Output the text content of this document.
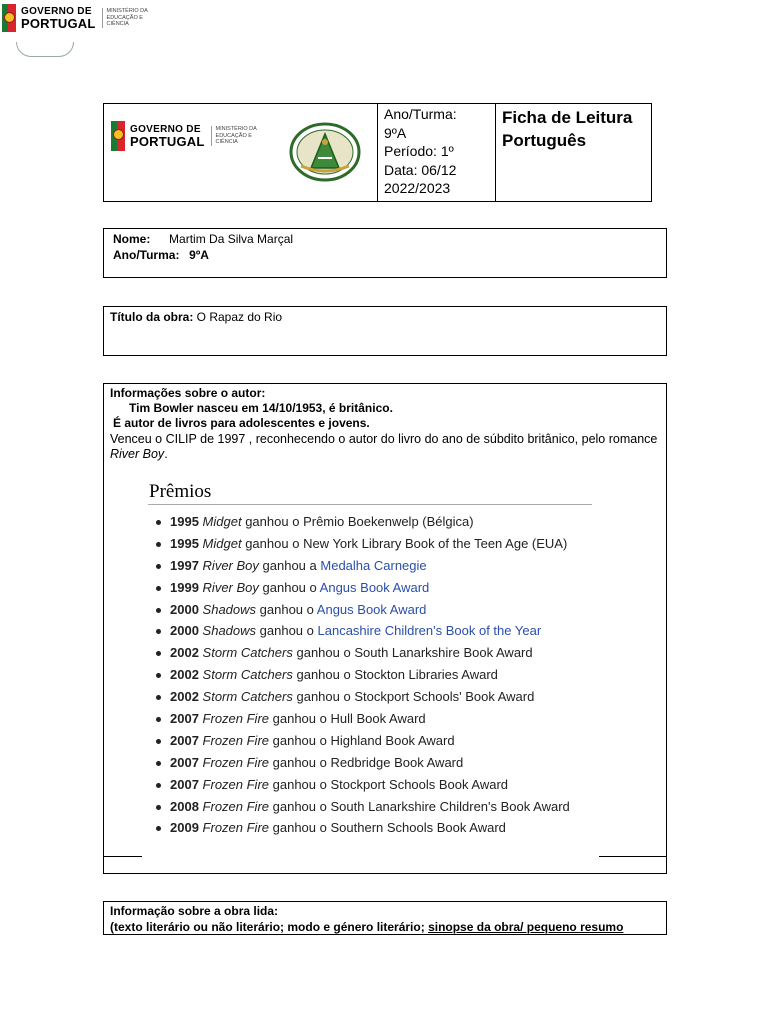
GOVERNO DE
PORTUGAL
MINISTÉRIO DA EDUCAÇÃO E CIÊNCIA
GOVERNO DE
PORTUGAL
MINISTÉRIO DA EDUCAÇÃO E CIÊNCIA
Ano/Turma:
9ºA
Período: 1º
Data: 06/12
2022/2023
Ficha de Leitura
Português
Nome: Martim Da Silva Marçal
Ano/Turma: 9ºA
Título da obra: O Rapaz do Rio
Informações sobre o autor:
Tim Bowler nasceu em 14/10/1953, é britânico.
É autor de livros para adolescentes e jovens.
Venceu o CILIP de 1997 , reconhecendo o autor do livro do ano de súbdito britânico, pelo romance River Boy.
Prêmios
1995 Midget ganhou o Prêmio Boekenwelp (Bélgica)
1995 Midget ganhou o New York Library Book of the Teen Age (EUA)
1997 River Boy ganhou a Medalha Carnegie
1999 River Boy ganhou o Angus Book Award
2000 Shadows ganhou o Angus Book Award
2000 Shadows ganhou o Lancashire Children's Book of the Year
2002 Storm Catchers ganhou o South Lanarkshire Book Award
2002 Storm Catchers ganhou o Stockton Libraries Award
2002 Storm Catchers ganhou o Stockport Schools' Book Award
2007 Frozen Fire ganhou o Hull Book Award
2007 Frozen Fire ganhou o Highland Book Award
2007 Frozen Fire ganhou o Redbridge Book Award
2007 Frozen Fire ganhou o Stockport Schools Book Award
2008 Frozen Fire ganhou o South Lanarkshire Children's Book Award
2009 Frozen Fire ganhou o Southern Schools Book Award
Informação sobre a obra lida:
(texto literário ou não literário; modo e género literário; sinopse da obra/ pequeno resumo
